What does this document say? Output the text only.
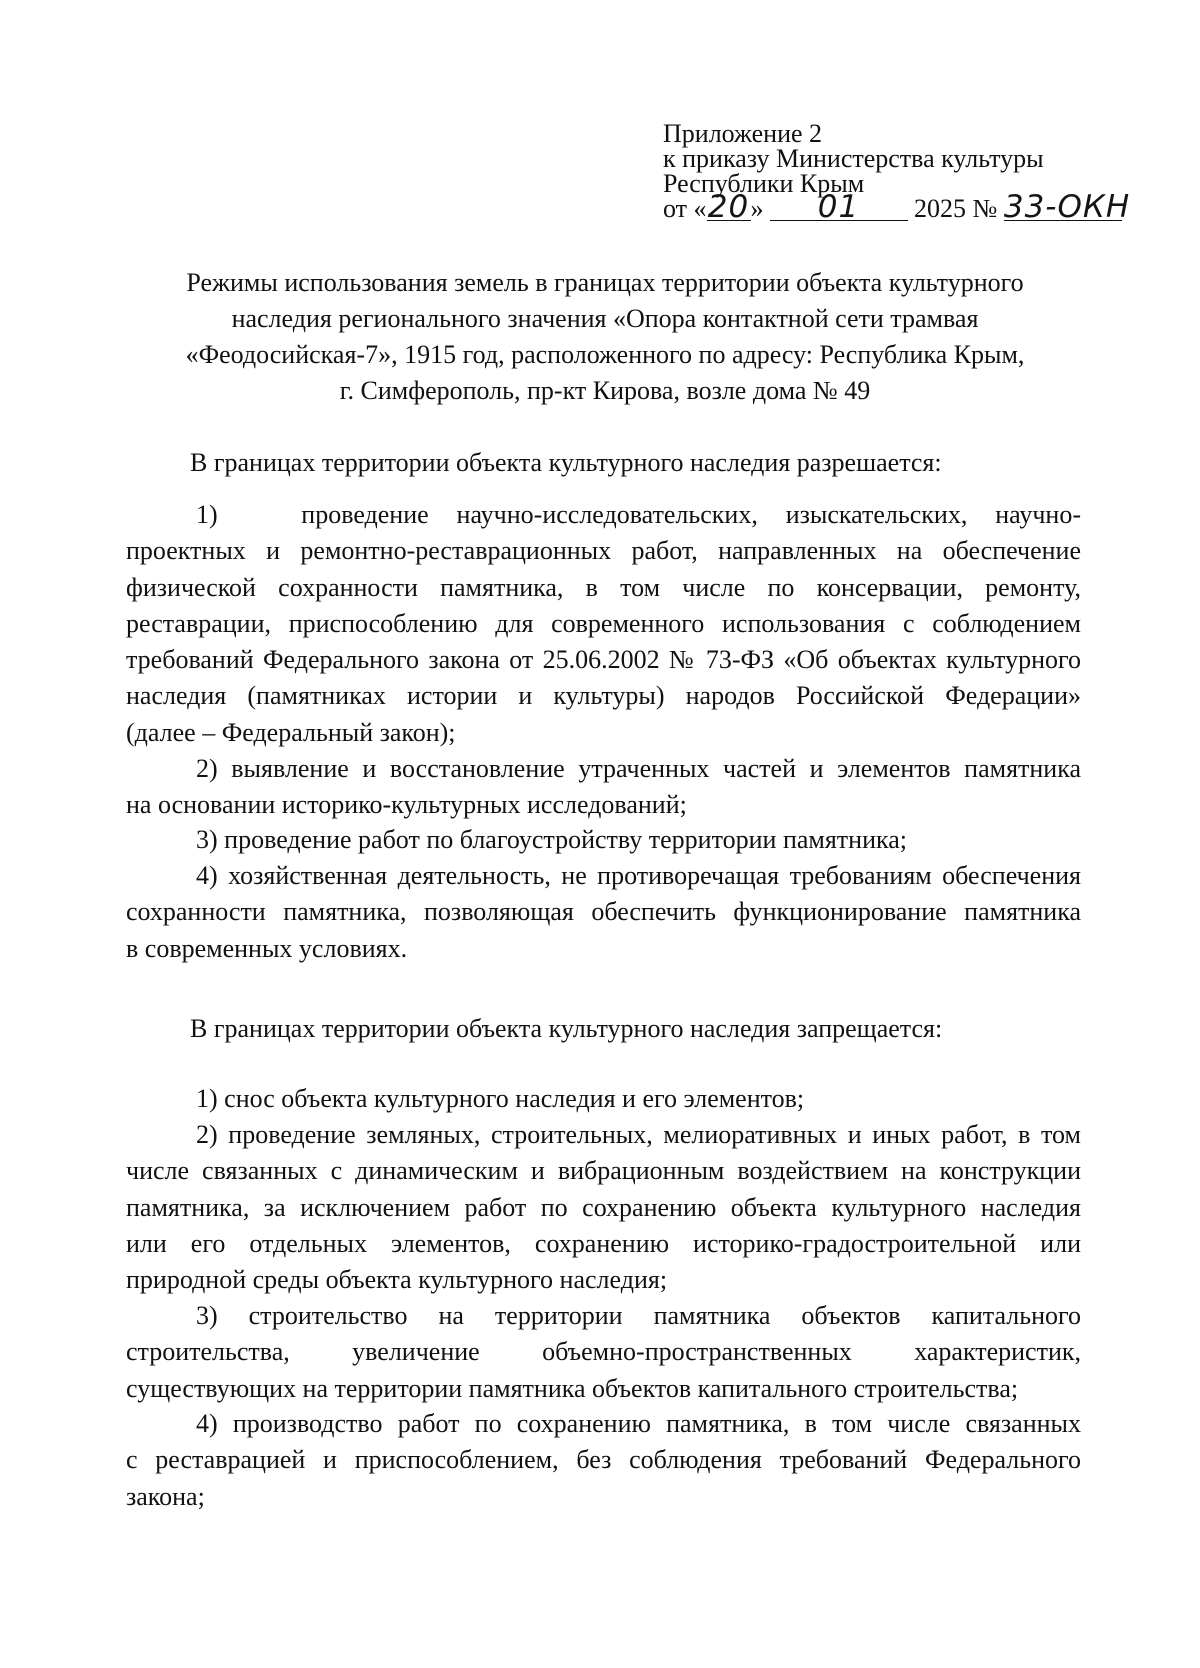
Приложение 2
к приказу Министерства культуры
Республики Крым
от «20» 01 2025 № 33-ОКН
Режимы использования земель в границах территории объекта культурного
наследия регионального значения «Опора контактной сети трамвая
«Феодосийская-7», 1915 год, расположенного по адресу: Республика Крым,
г. Симферополь, пр-кт Кирова, возле дома № 49
В границах территории объекта культурного наследия разрешается:
1)   проведение научно-исследовательских, изыскательских, научно-
проектных и ремонтно-реставрационных работ, направленных на обеспечение
физической сохранности памятника, в том числе по консервации, ремонту,
реставрации, приспособлению для современного использования с соблюдением
требований Федерального закона от 25.06.2002 № 73-ФЗ «Об объектах культурного
наследия (памятниках истории и культуры) народов Российской Федерации»
(далее – Федеральный закон);
2) выявление и восстановление утраченных частей и элементов памятника
на основании историко-культурных исследований;
3) проведение работ по благоустройству территории памятника;
4) хозяйственная деятельность, не противоречащая требованиям обеспечения
сохранности памятника, позволяющая обеспечить функционирование памятника
в современных условиях.
В границах территории объекта культурного наследия запрещается:
1) снос объекта культурного наследия и его элементов;
2) проведение земляных, строительных, мелиоративных и иных работ, в том
числе связанных с динамическим и вибрационным воздействием на конструкции
памятника, за исключением работ по сохранению объекта культурного наследия
или его отдельных элементов, сохранению историко-градостроительной или
природной среды объекта культурного наследия;
3) строительство на территории памятника объектов капитального
строительства, увеличение объемно-пространственных характеристик,
существующих на территории памятника объектов капитального строительства;
4) производство работ по сохранению памятника, в том числе связанных
с реставрацией и приспособлением, без соблюдения требований Федерального
закона;
